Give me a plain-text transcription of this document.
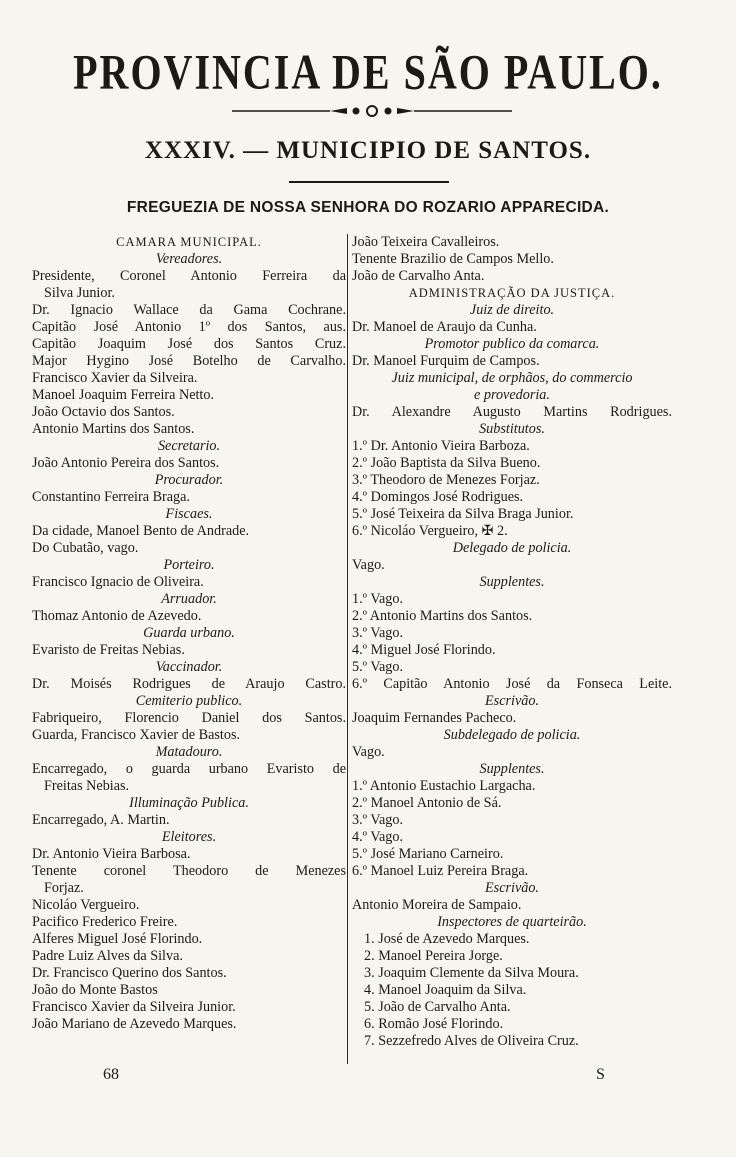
PROVINCIA DE SÃO PAULO.
XXXIV. — MUNICIPIO DE SANTOS.
FREGUEZIA DE NOSSA SENHORA DO ROZARIO APPARECIDA.
CAMARA MUNICIPAL.
Vereadores.
Presidente, Coronel Antonio Ferreira da
Silva Junior.
Dr. Ignacio Wallace da Gama Cochrane.
Capitão José Antonio 1º dos Santos, aus.
Capitão Joaquim José dos Santos Cruz.
Major Hygino José Botelho de Carvalho.
Francisco Xavier da Silveira.
Manoel Joaquim Ferreira Netto.
João Octavio dos Santos.
Antonio Martins dos Santos.
Secretario.
João Antonio Pereira dos Santos.
Procurador.
Constantino Ferreira Braga.
Fiscaes.
Da cidade, Manoel Bento de Andrade.
Do Cubatão, vago.
Porteiro.
Francisco Ignacio de Oliveira.
Arruador.
Thomaz Antonio de Azevedo.
Guarda urbano.
Evaristo de Freitas Nebias.
Vaccinador.
Dr. Moisés Rodrigues de Araujo Castro.
Cemiterio publico.
Fabriqueiro, Florencio Daniel dos Santos.
Guarda, Francisco Xavier de Bastos.
Matadouro.
Encarregado, o guarda urbano Evaristo de
Freitas Nebias.
Illuminação Publica.
Encarregado, A. Martin.
Eleitores.
Dr. Antonio Vieira Barbosa.
Tenente coronel Theodoro de Menezes
Forjaz.
Nicoláo Vergueiro.
Pacifico Frederico Freire.
Alferes Miguel José Florindo.
Padre Luiz Alves da Silva.
Dr. Francisco Querino dos Santos.
João do Monte Bastos
Francisco Xavier da Silveira Junior.
João Mariano de Azevedo Marques.
João Teixeira Cavalleiros.
Tenente Brazilio de Campos Mello.
João de Carvalho Anta.
ADMINISTRAÇÃO DA JUSTIÇA.
Juiz de direito.
Dr. Manoel de Araujo da Cunha.
Promotor publico da comarca.
Dr. Manoel Furquim de Campos.
Juiz municipal, de orphãos, do commercio
e provedoria.
Dr. Alexandre Augusto Martins Rodrigues.
Substitutos.
1.º Dr. Antonio Vieira Barboza.
2.º João Baptista da Silva Bueno.
3.º Theodoro de Menezes Forjaz.
4.º Domingos José Rodrigues.
5.º José Teixeira da Silva Braga Junior.
6.º Nicoláo Vergueiro, ✠ 2.
Delegado de policia.
Vago.
Supplentes.
1.º Vago.
2.º Antonio Martins dos Santos.
3.º Vago.
4.º Miguel José Florindo.
5.º Vago.
6.º Capitão Antonio José da Fonseca Leite.
Escrivão.
Joaquim Fernandes Pacheco.
Subdelegado de policia.
Vago.
Supplentes.
1.º Antonio Eustachio Largacha.
2.º Manoel Antonio de Sá.
3.º Vago.
4.º Vago.
5.º José Mariano Carneiro.
6.º Manoel Luiz Pereira Braga.
Escrivão.
Antonio Moreira de Sampaio.
Inspectores de quarteirão.
1. José de Azevedo Marques.
2. Manoel Pereira Jorge.
3. Joaquim Clemente da Silva Moura.
4. Manoel Joaquim da Silva.
5. João de Carvalho Anta.
6. Romão José Florindo.
7. Sezzefredo Alves de Oliveira Cruz.
68	S
